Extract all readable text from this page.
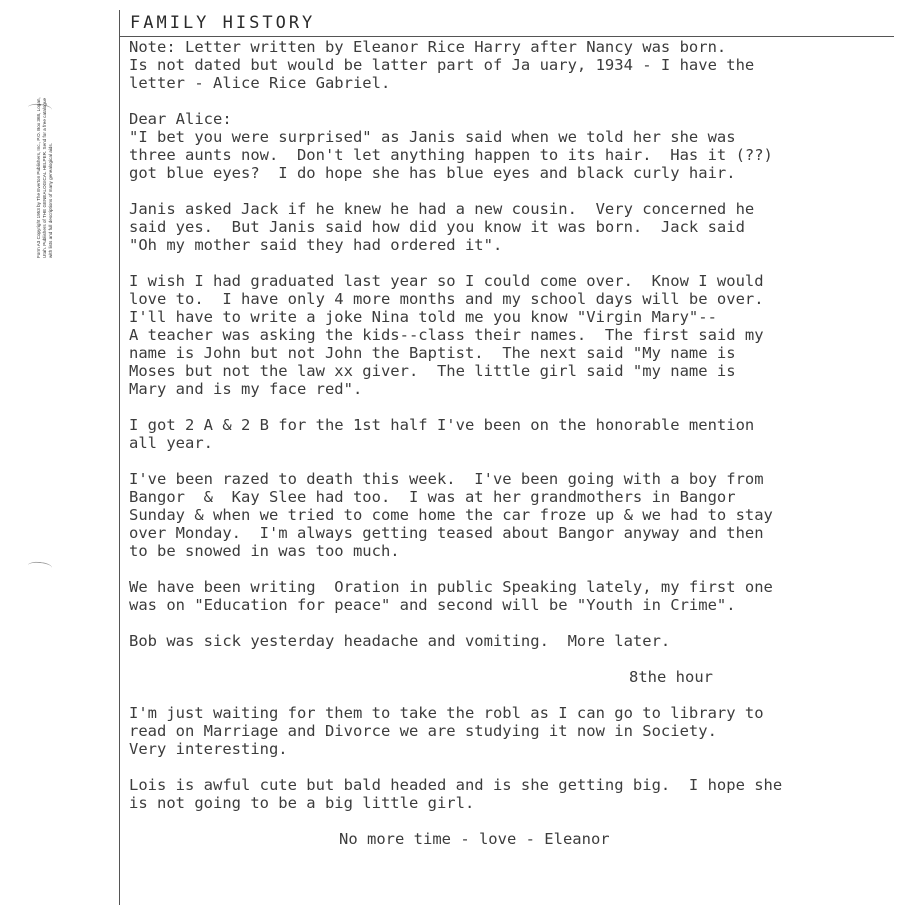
FAMILY HISTORY
Form A3 Copyright 1953 by The Everton Publishers, Inc., P.O. Box 368, Logan, Utah. Publishers of THE GENEALOGICAL HELPER. Send for a free catalogue with lists and full descriptions of many genealogical aids.
Note: Letter written by Eleanor Rice Harry after Nancy was born.
Is not dated but would be latter part of Ja uary, 1934 - I have the
letter - Alice Rice Gabriel.
Dear Alice:
"I bet you were surprised" as Janis said when we told her she was
three aunts now.  Don't let anything happen to its hair.  Has it (??)
got blue eyes?  I do hope she has blue eyes and black curly hair.
Janis asked Jack if he knew he had a new cousin.  Very concerned he
said yes.  But Janis said how did you know it was born.  Jack said
"Oh my mother said they had ordered it".
I wish I had graduated last year so I could come over.  Know I would
love to.  I have only 4 more months and my school days will be over.
I'll have to write a joke Nina told me you know "Virgin Mary"--
A teacher was asking the kids--class their names.  The first said my
name is John but not John the Baptist.  The next said "My name is
Moses but not the law xx giver.  The little girl said "my name is
Mary and is my face red".
I got 2 A & 2 B for the 1st half I've been on the honorable mention
all year.
I've been razed to death this week.  I've been going with a boy from
Bangor  &  Kay Slee had too.  I was at her grandmothers in Bangor
Sunday & when we tried to come home the car froze up & we had to stay
over Monday.  I'm always getting teased about Bangor anyway and then
to be snowed in was too much.
We have been writing  Oration in public Speaking lately, my first one
was on "Education for peace" and second will be "Youth in Crime".
Bob was sick yesterday headache and vomiting.  More later.
8the hour
I'm just waiting for them to take the robl as I can go to library to
read on Marriage and Divorce we are studying it now in Society.
Very interesting.
Lois is awful cute but bald headed and is she getting big.  I hope she
is not going to be a big little girl.
No more time - love - Eleanor
